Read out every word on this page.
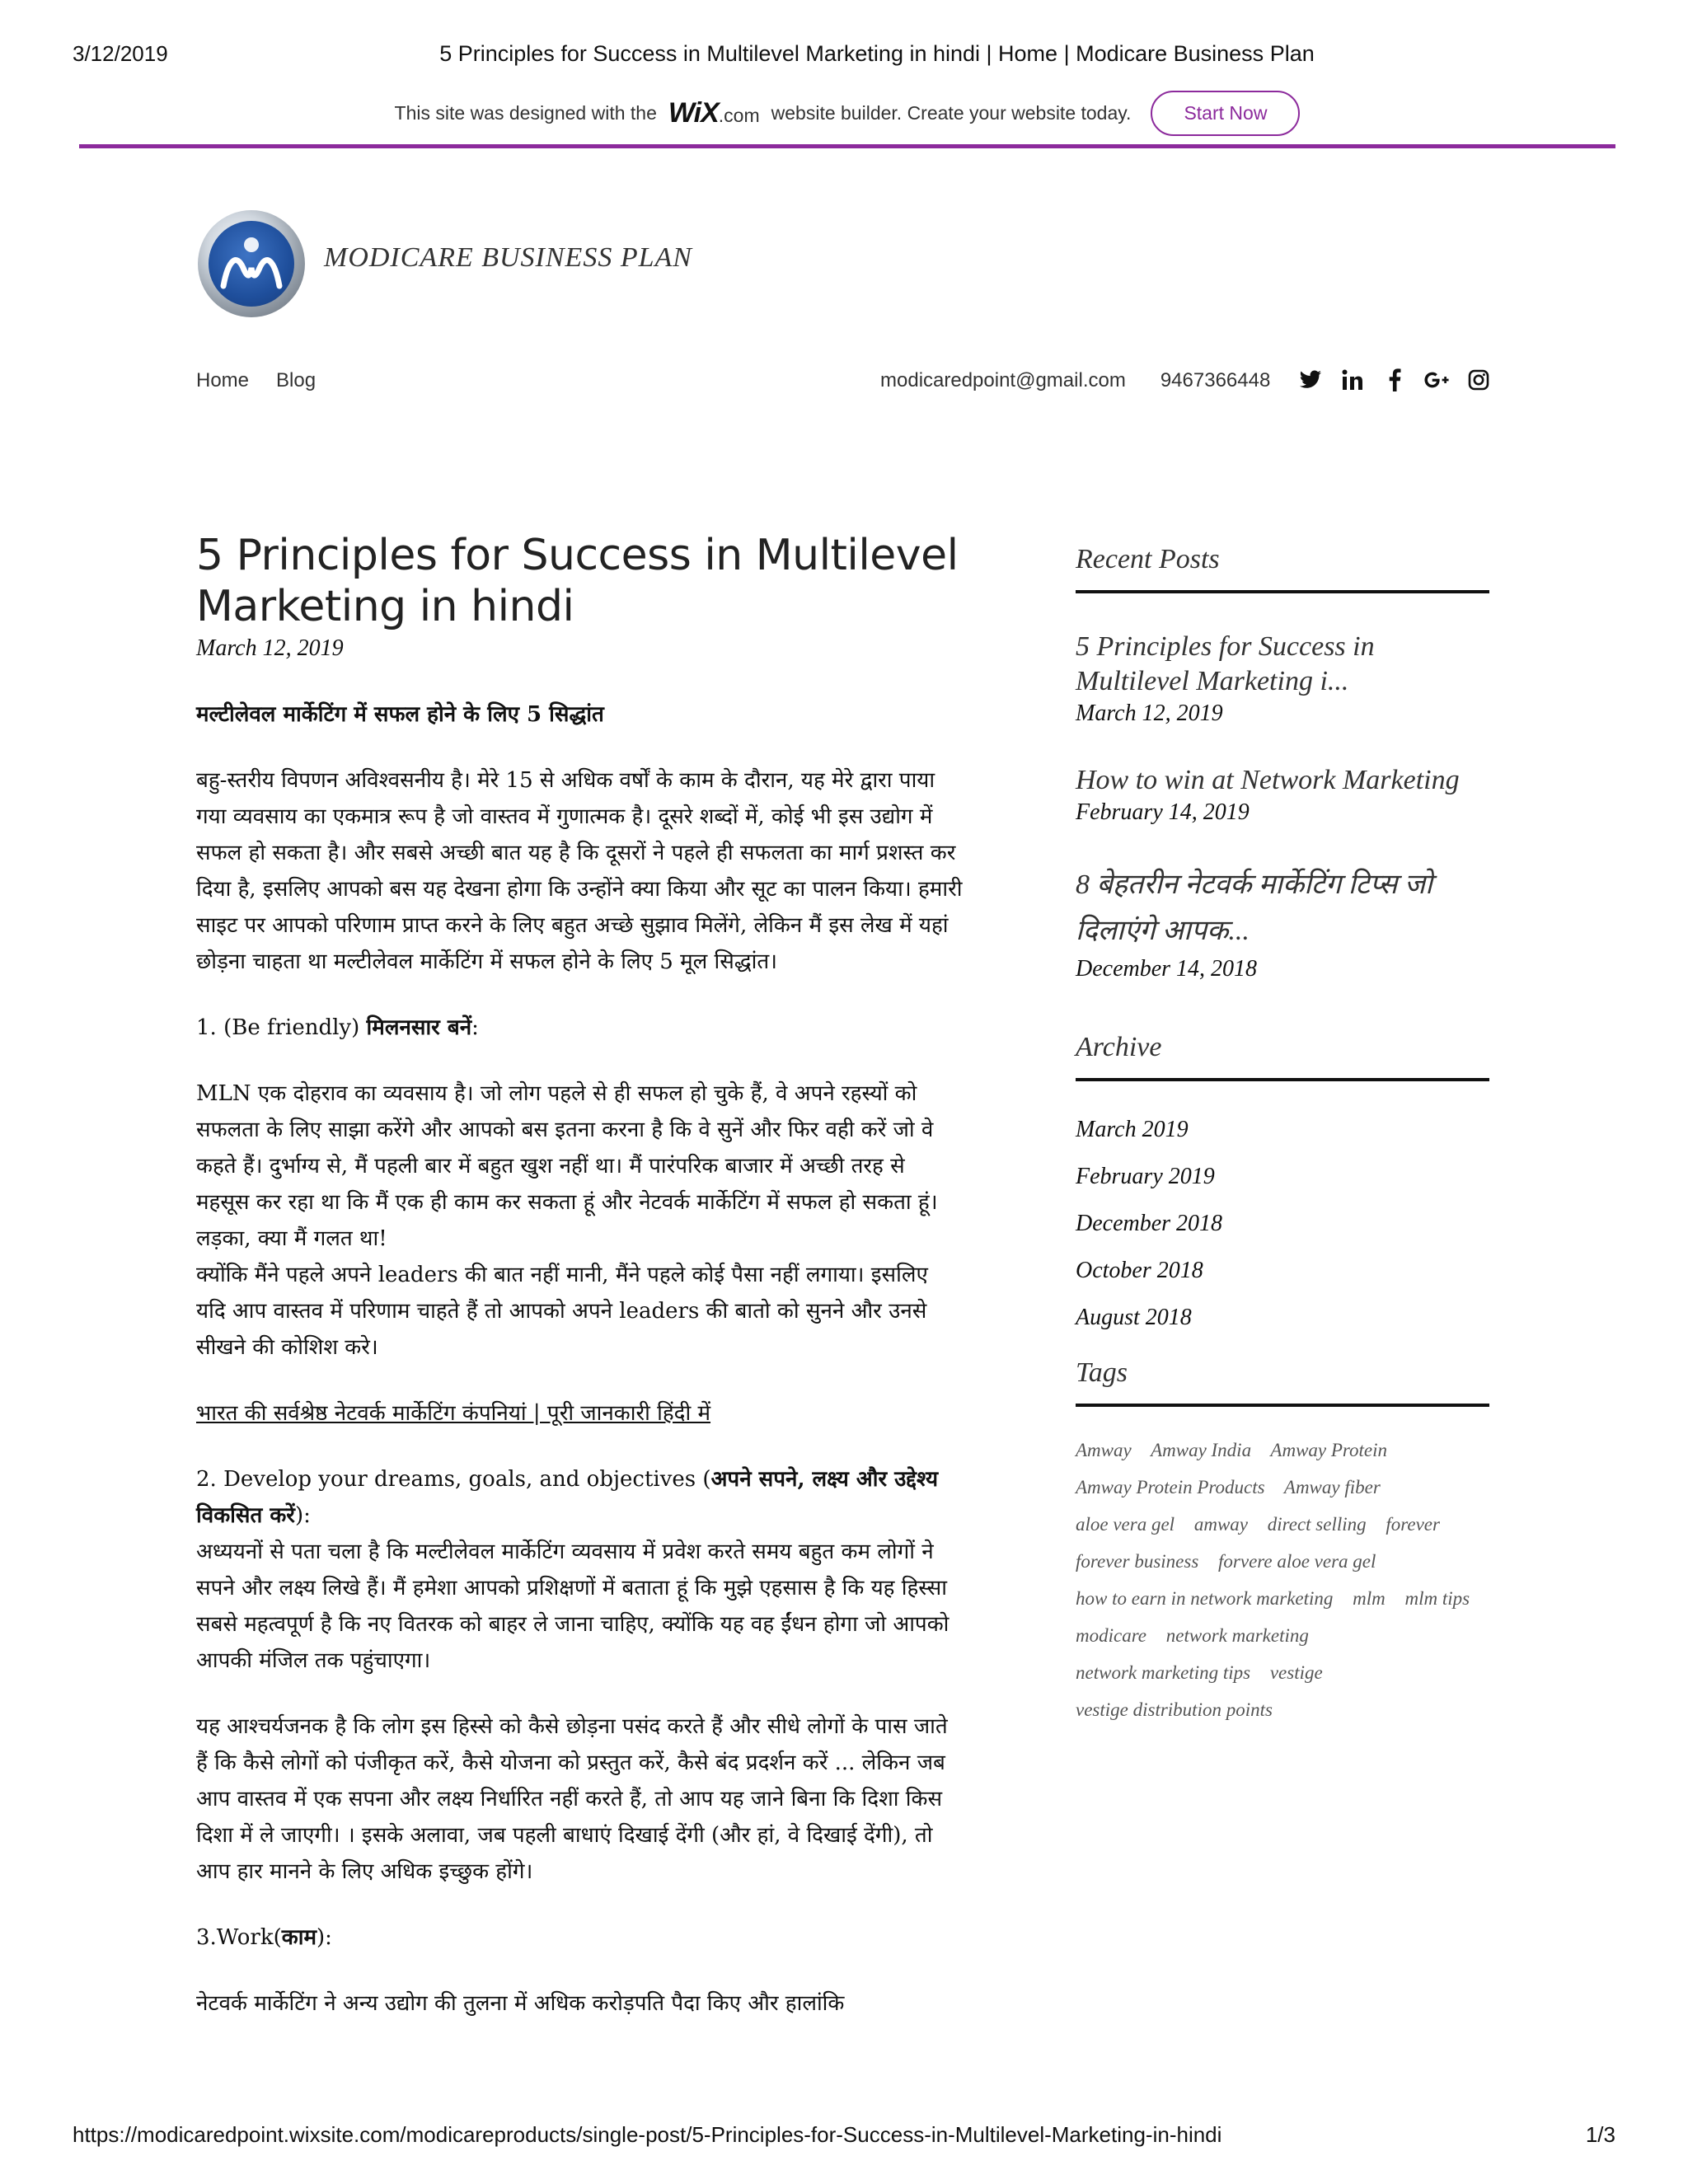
3/12/2019	5 Principles for Success in Multilevel Marketing in hindi | Home | Modicare Business Plan
This site was designed with the WiX.com website builder. Create your website today.	Start Now
MODICARE BUSINESS PLAN
Home Blog	modicaredpoint@gmail.com 9467366448
5 Principles for Success in Multilevel Marketing in hindi
March 12, 2019

मल्टीलेवल मार्केटिंग में सफल होने के लिए 5 सिद्धांत

बहु-स्तरीय विपणन अविश्वसनीय है। मेरे 15 से अधिक वर्षों के काम के दौरान, यह मेरे द्वारा पाया गया व्यवसाय का एकमात्र रूप है जो वास्तव में गुणात्मक है। दूसरे शब्दों में, कोई भी इस उद्योग में सफल हो सकता है। और सबसे अच्छी बात यह है कि दूसरों ने पहले ही सफलता का मार्ग प्रशस्त कर दिया है, इसलिए आपको बस यह देखना होगा कि उन्होंने क्या किया और सूट का पालन किया। हमारी साइट पर आपको परिणाम प्राप्त करने के लिए बहुत अच्छे सुझाव मिलेंगे, लेकिन मैं इस लेख में यहां छोड़ना चाहता था मल्टीलेवल मार्केटिंग में सफल होने के लिए 5 मूल सिद्धांत।

1. (Be friendly) मिलनसार बनें:

MLN एक दोहराव का व्यवसाय है। जो लोग पहले से ही सफल हो चुके हैं, वे अपने रहस्यों को सफलता के लिए साझा करेंगे और आपको बस इतना करना है कि वे सुनें और फिर वही करें जो वे कहते हैं। दुर्भाग्य से, मैं पहली बार में बहुत खुश नहीं था। मैं पारंपरिक बाजार में अच्छी तरह से महसूस कर रहा था कि मैं एक ही काम कर सकता हूं और नेटवर्क मार्केटिंग में सफल हो सकता हूं। लड़का, क्या मैं गलत था!

क्योंकि मैंने पहले अपने leaders की बात नहीं मानी, मैंने पहले कोई पैसा नहीं लगाया। इसलिए यदि आप वास्तव में परिणाम चाहते हैं तो आपको अपने leaders की बातो को सुनने और उनसे सीखने की कोशिश करे।

भारत की सर्वश्रेष्ठ नेटवर्क मार्केटिंग कंपनियां | पूरी जानकारी हिंदी में

2. Develop your dreams, goals, and objectives (अपने सपने, लक्ष्य और उद्देश्य विकसित करें):

अध्ययनों से पता चला है कि मल्टीलेवल मार्केटिंग व्यवसाय में प्रवेश करते समय बहुत कम लोगों ने सपने और लक्ष्य लिखे हैं। मैं हमेशा आपको प्रशिक्षणों में बताता हूं कि मुझे एहसास है कि यह हिस्सा सबसे महत्वपूर्ण है कि नए वितरक को बाहर ले जाना चाहिए, क्योंकि यह वह ईंधन होगा जो आपको आपकी मंजिल तक पहुंचाएगा।

यह आश्चर्यजनक है कि लोग इस हिस्से को कैसे छोड़ना पसंद करते हैं और सीधे लोगों के पास जाते हैं कि कैसे लोगों को पंजीकृत करें, कैसे योजना को प्रस्तुत करें, कैसे बंद प्रदर्शन करें ... लेकिन जब आप वास्तव में एक सपना और लक्ष्य निर्धारित नहीं करते हैं, तो आप यह जाने बिना कि दिशा किस दिशा में ले जाएगी। । इसके अलावा, जब पहली बाधाएं दिखाई देंगी (और हां, वे दिखाई देंगी), तो आप हार मानने के लिए अधिक इच्छुक होंगे।

3.Work(काम):

नेटवर्क मार्केटिंग ने अन्य उद्योग की तुलना में अधिक करोड़पति पैदा किए और हालांकि

Recent Posts
5 Principles for Success in Multilevel Marketing i...
March 12, 2019
How to win at Network Marketing
February 14, 2019
8 बेहतरीन नेटवर्क मार्केटिंग टिप्स जो दिलाएंगे आपक...
December 14, 2018
Archive
March 2019
February 2019
December 2018
October 2018
August 2018
Tags
Amway Amway India Amway Protein Amway Protein Products Amway fiber aloe vera gel amway direct selling forever forever business forvere aloe vera gel how to earn in network marketing mlm mlm tips modicare network marketing network marketing tips vestige vestige distribution points
https://modicaredpoint.wixsite.com/modicareproducts/single-post/5-Principles-for-Success-in-Multilevel-Marketing-in-hindi	1/3
